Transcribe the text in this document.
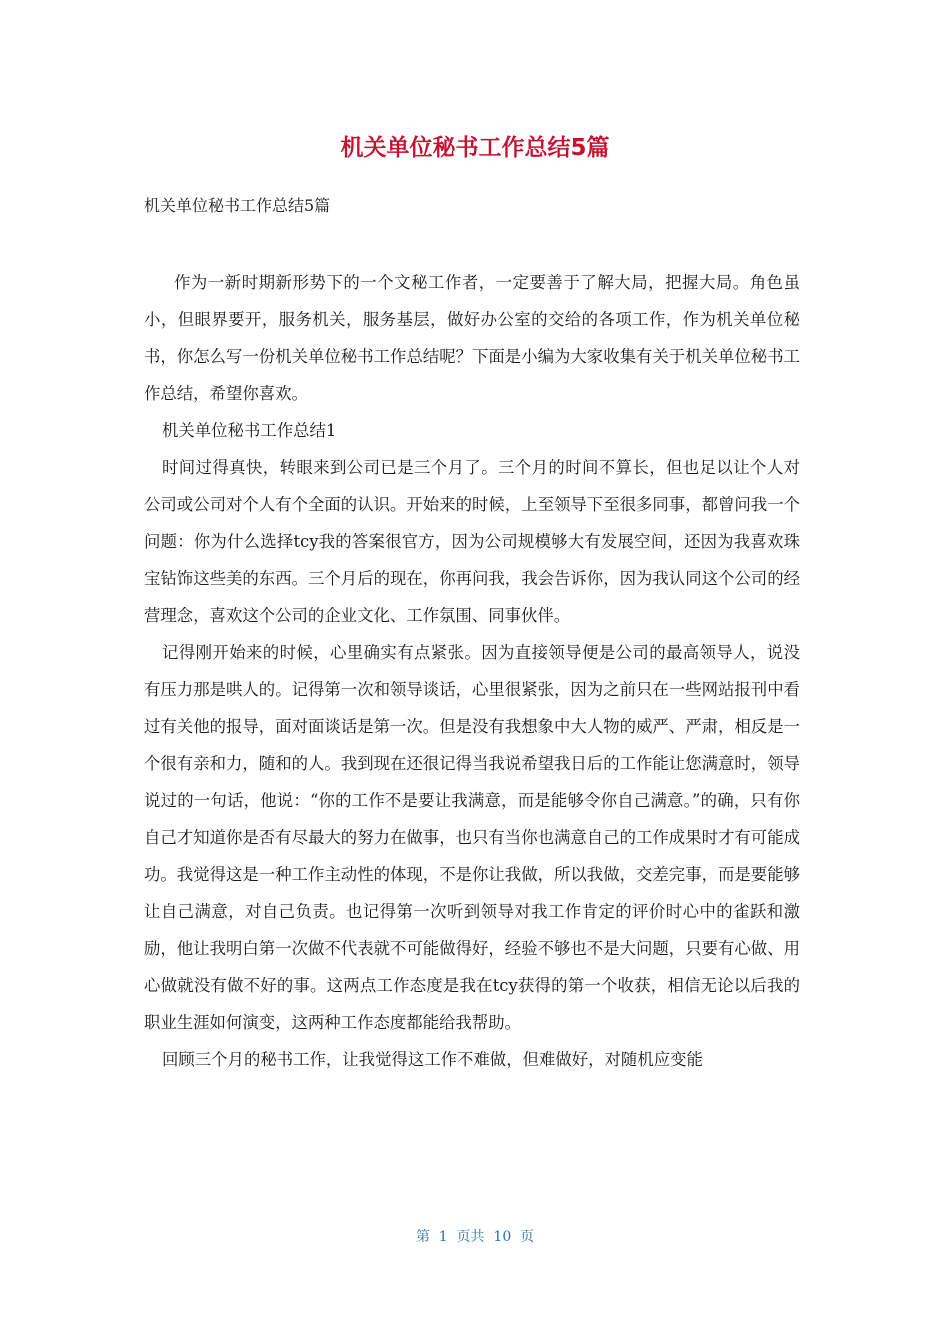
机关单位秘书工作总结5篇

机关单位秘书工作总结5篇

作为一新时期新形势下的一个文秘工作者，一定要善于了解大局，把握大局。角色虽小，但眼界要开，服务机关，服务基层，做好办公室的交给的各项工作，作为机关单位秘书，你怎么写一份机关单位秘书工作总结呢？下面是小编为大家收集有关于机关单位秘书工作总结，希望你喜欢。

机关单位秘书工作总结1

时间过得真快，转眼来到公司已是三个月了。三个月的时间不算长，但也足以让个人对公司或公司对个人有个全面的认识。开始来的时候，上至领导下至很多同事，都曾问我一个问题：你为什么选择tcy我的答案很官方，因为公司规模够大有发展空间，还因为我喜欢珠宝钻饰这些美的东西。三个月后的现在，你再问我，我会告诉你，因为我认同这个公司的经营理念，喜欢这个公司的企业文化、工作氛围、同事伙伴。

记得刚开始来的时候，心里确实有点紧张。因为直接领导便是公司的最高领导人，说没有压力那是哄人的。记得第一次和领导谈话，心里很紧张，因为之前只在一些网站报刊中看过有关他的报导，面对面谈话是第一次。但是没有我想象中大人物的威严、严肃，相反是一个很有亲和力，随和的人。我到现在还很记得当我说希望我日后的工作能让您满意时，领导说过的一句话，他说：“你的工作不是要让我满意，而是能够令你自己满意。”的确，只有你自己才知道你是否有尽最大的努力在做事，也只有当你也满意自己的工作成果时才有可能成功。我觉得这是一种工作主动性的体现，不是你让我做，所以我做，交差完事，而是要能够让自己满意，对自己负责。也记得第一次听到领导对我工作肯定的评价时心中的雀跃和激励，他让我明白第一次做不代表就不可能做得好，经验不够也不是大问题，只要有心做、用心做就没有做不好的事。这两点工作态度是我在tcy获得的第一个收获，相信无论以后我的职业生涯如何演变，这两种工作态度都能给我帮助。

回顾三个月的秘书工作，让我觉得这工作不难做，但难做好，对随机应变能

第  1  页共  10  页
